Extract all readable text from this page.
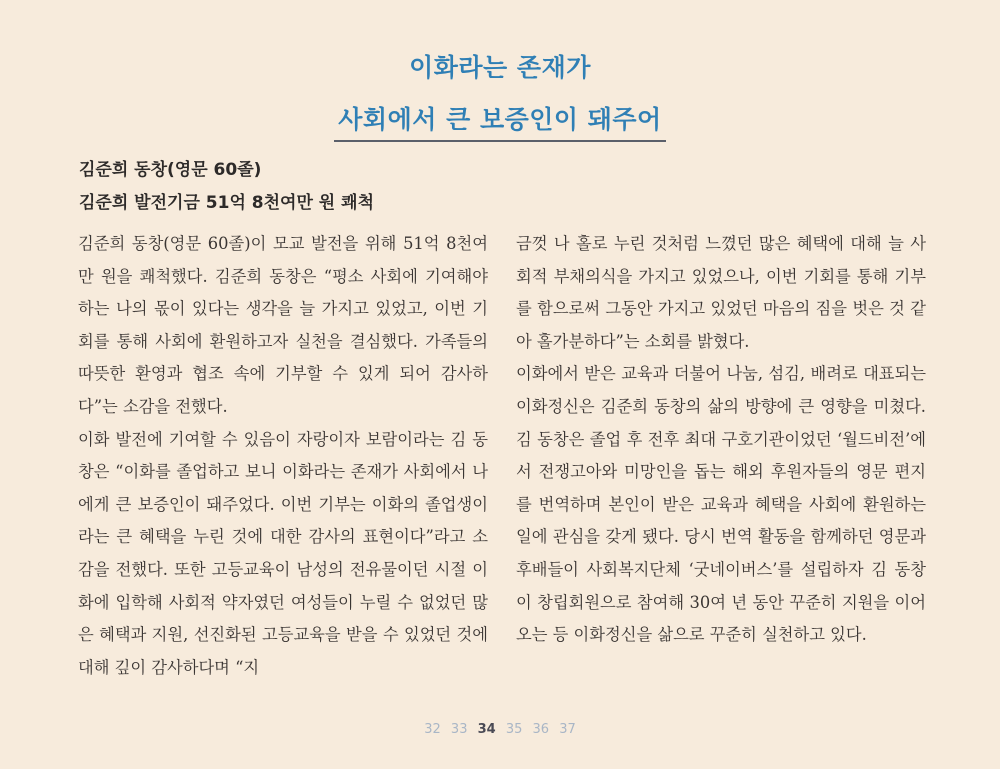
이화라는 존재가
사회에서 큰 보증인이 돼주어
김준희 동창(영문 60졸)
김준희 발전기금 51억 8천여만 원 쾌척

김준희 동창(영문 60졸)이 모교 발전을 위해 51억 8천여 만 원을 쾌척했다. 김준희 동창은 “평소 사회에 기여해야 하는 나의 몫이 있다는 생각을 늘 가지고 있었고, 이번 기회를 통해 사회에 환원하고자 실천을 결심했다. 가족들의 따뜻한 환영과 협조 속에 기부할 수 있게 되어 감사하다”는 소감을 전했다.

이화 발전에 기여할 수 있음이 자랑이자 보람이라는 김 동창은 “이화를 졸업하고 보니 이화라는 존재가 사회에서 나에게 큰 보증인이 돼주었다. 이번 기부는 이화의 졸업생이라는 큰 혜택을 누린 것에 대한 감사의 표현이다”라고 소감을 전했다. 또한 고등교육이 남성의 전유물이던 시절 이화에 입학해 사회적 약자였던 여성들이 누릴 수 없었던 많은 혜택과 지원, 선진화된 고등교육을 받을 수 있었던 것에 대해 깊이 감사하다며 “지

금껏 나 홀로 누린 것처럼 느꼈던 많은 혜택에 대해 늘 사회적 부채의식을 가지고 있었으나, 이번 기회를 통해 기부를 함으로써 그동안 가지고 있었던 마음의 짐을 벗은 것 같아 홀가분하다”는 소회를 밝혔다.

이화에서 받은 교육과 더불어 나눔, 섬김, 배려로 대표되는 이화정신은 김준희 동창의 삶의 방향에 큰 영향을 미쳤다. 김 동창은 졸업 후 전후 최대 구호기관이었던 ‘월드비전’에서 전쟁고아와 미망인을 돕는 해외 후원자들의 영문 편지를 번역하며 본인이 받은 교육과 혜택을 사회에 환원하는 일에 관심을 갖게 됐다. 당시 번역 활동을 함께하던 영문과 후배들이 사회복지단체 ‘굿네이버스’를 설립하자 김 동창이 창립회원으로 참여해 30여 년 동안 꾸준히 지원을 이어오는 등 이화정신을 삶으로 꾸준히 실천하고 있다.

32 33 34 35 36 37
